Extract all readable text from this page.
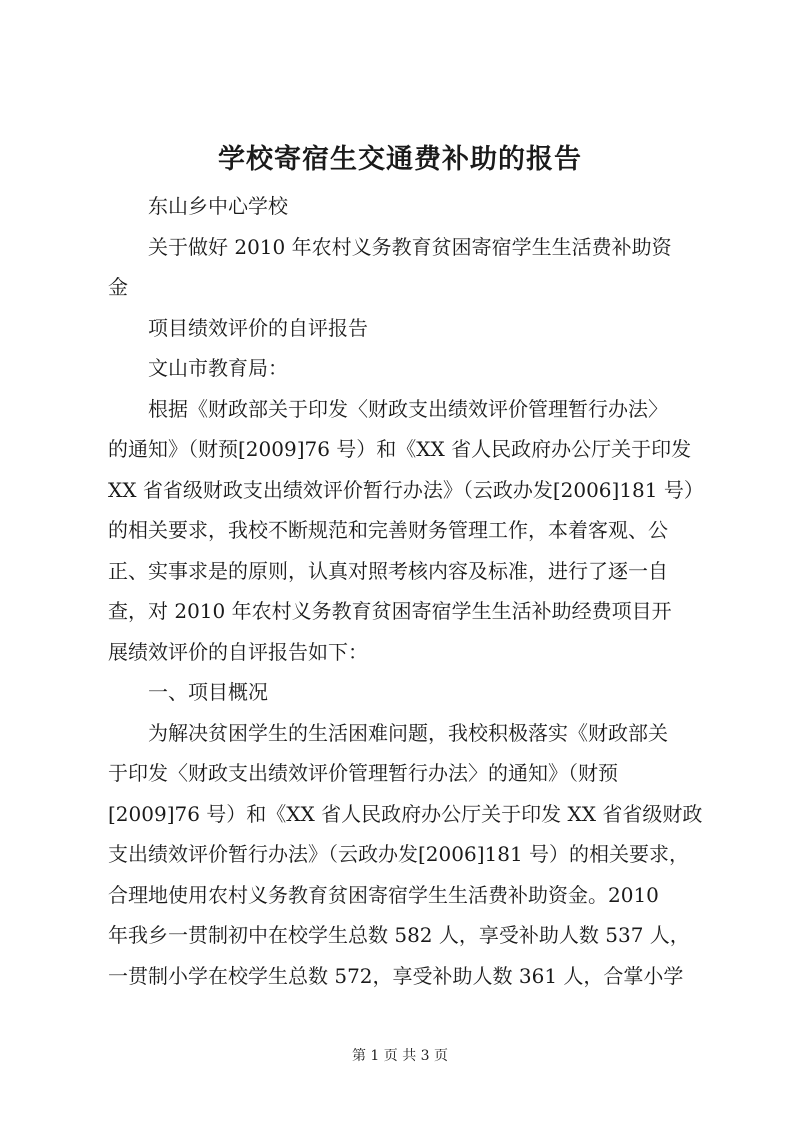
学校寄宿生交通费补助的报告
东山乡中心学校
关于做好 2010 年农村义务教育贫困寄宿学生生活费补助资
金
项目绩效评价的自评报告
文山市教育局：
根据《财政部关于印发〈财政支出绩效评价管理暂行办法〉
的通知》（财预[2009]76 号）和《XX 省人民政府办公厅关于印发
XX 省省级财政支出绩效评价暂行办法》（云政办发[2006]181 号）
的相关要求，我校不断规范和完善财务管理工作，本着客观、公
正、实事求是的原则，认真对照考核内容及标准，进行了逐一自
查，对 2010 年农村义务教育贫困寄宿学生生活补助经费项目开
展绩效评价的自评报告如下：
一、项目概况
为解决贫困学生的生活困难问题，我校积极落实《财政部关
于印发〈财政支出绩效评价管理暂行办法〉的通知》（财预
[2009]76 号）和《XX 省人民政府办公厅关于印发 XX 省省级财政
支出绩效评价暂行办法》（云政办发[2006]181 号）的相关要求，
合理地使用农村义务教育贫困寄宿学生生活费补助资金。2010
年我乡一贯制初中在校学生总数 582 人，享受补助人数 537 人，
一贯制小学在校学生总数 572，享受补助人数 361 人，合掌小学
第 1 页 共 3 页
